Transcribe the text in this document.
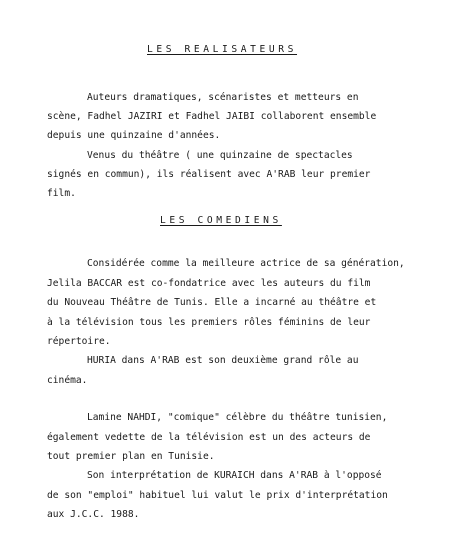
LES REALISATEURS

Auteurs dramatiques, scénaristes et metteurs en

scène, Fadhel JAZIRI et Fadhel JAIBI collaborent ensemble

depuis une quinzaine d'années.

Venus du théâtre ( une quinzaine de spectacles

signés en commun), ils réalisent avec A'RAB leur premier

film.

LES COMEDIENS

Considérée comme la meilleure actrice de sa génération,

Jelila BACCAR est co-fondatrice avec les auteurs du film

du Nouveau Théâtre de Tunis. Elle a incarné au théâtre et

à la télévision tous les premiers rôles féminins de leur

répertoire.

HURIA dans A'RAB est son deuxième grand rôle au

cinéma.

Lamine NAHDI, "comique" célèbre du théâtre tunisien,

également vedette de la télévision est un des acteurs de

tout premier plan en Tunisie.

Son interprétation de KURAICH dans A'RAB à l'opposé

de son "emploi" habituel lui valut le prix d'interprétation

aux J.C.C. 1988.
